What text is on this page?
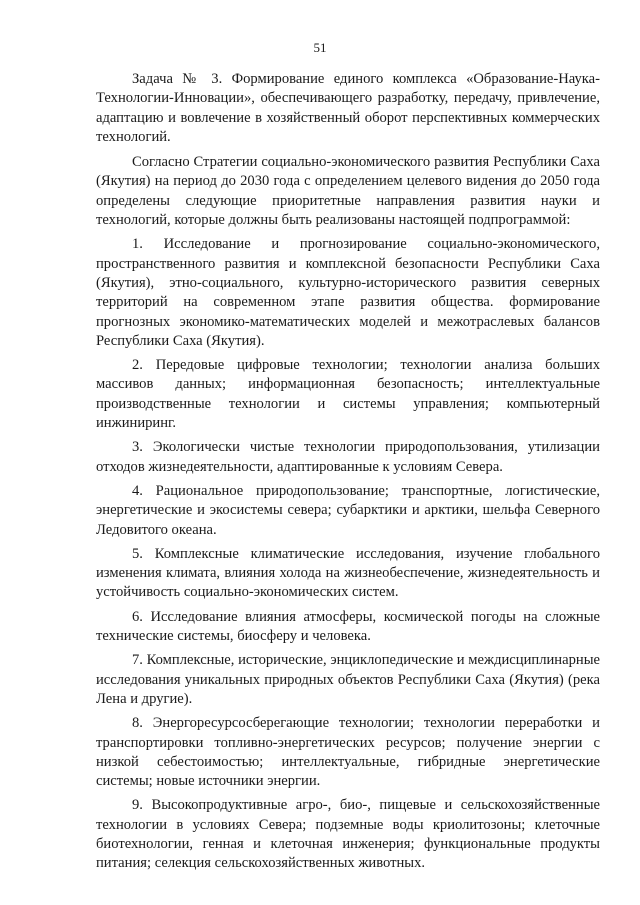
51

Задача № 3. Формирование единого комплекса «Образование-Наука-Технологии-Инновации», обеспечивающего разработку, передачу, привлечение, адаптацию и вовлечение в хозяйственный оборот перспективных коммерческих технологий.

Согласно Стратегии социально-экономического развития Республики Саха (Якутия) на период до 2030 года с определением целевого видения до 2050 года определены следующие приоритетные направления развития науки и технологий, которые должны быть реализованы настоящей подпрограммой:

1. Исследование и прогнозирование социально-экономического, пространственного развития и комплексной безопасности Республики Саха (Якутия), этно-социального, культурно-исторического развития северных территорий на современном этапе развития общества. формирование прогнозных экономико-математических моделей и межотраслевых балансов Республики Саха (Якутия).

2. Передовые цифровые технологии; технологии анализа больших массивов данных; информационная безопасность; интеллектуальные производственные технологии и системы управления; компьютерный инжиниринг.

3. Экологически чистые технологии природопользования, утилизации отходов жизнедеятельности, адаптированные к условиям Севера.

4. Рациональное природопользование; транспортные, логистические, энергетические и экосистемы севера; субарктики и арктики, шельфа Северного Ледовитого океана.

5. Комплексные климатические исследования, изучение глобального изменения климата, влияния холода на жизнеобеспечение, жизнедеятельность и устойчивость социально-экономических систем.

6. Исследование влияния атмосферы, космической погоды на сложные технические системы, биосферу и человека.

7. Комплексные, исторические, энциклопедические и междисциплинарные исследования уникальных природных объектов Республики Саха (Якутия) (река Лена и другие).

8. Энергоресурсосберегающие технологии; технологии переработки и транспортировки топливно-энергетических ресурсов; получение энергии с низкой себестоимостью; интеллектуальные, гибридные энергетические системы; новые источники энергии.

9. Высокопродуктивные агро-, био-, пищевые и сельскохозяйственные технологии в условиях Севера; подземные воды криолитозоны; клеточные биотехнологии, генная и клеточная инженерия; функциональные продукты питания; селекция сельскохозяйственных животных.
